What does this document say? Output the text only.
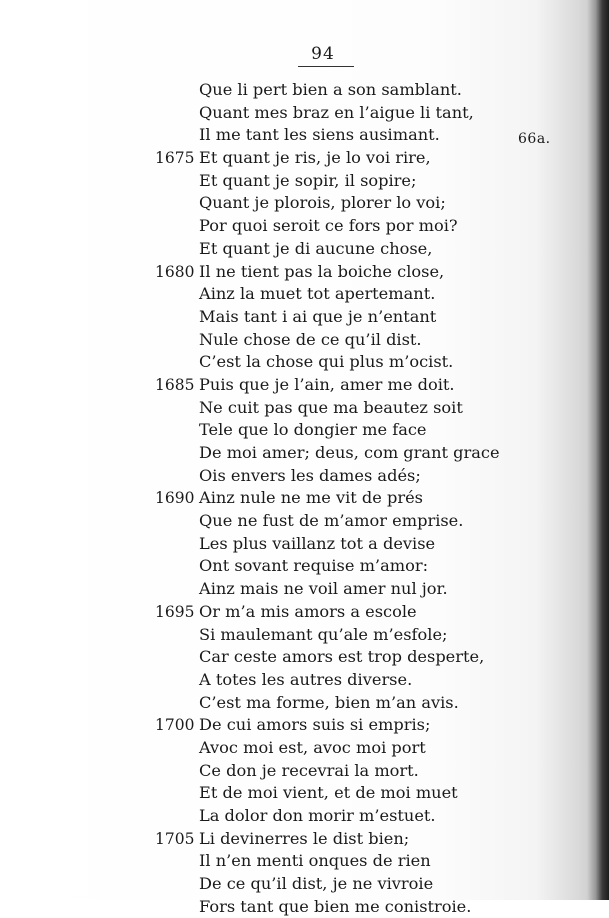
94
66a.
Que li pert bien a son samblant.
Quant mes braz en l’aigue li tant,
Il me tant les siens ausimant.
1675 Et quant je ris, je lo voi rire,
Et quant je sopir, il sopire;
Quant je plorois, plorer lo voi;
Por quoi seroit ce fors por moi?
Et quant je di aucune chose,
1680 Il ne tient pas la boiche close,
Ainz la muet tot apertemant.
Mais tant i ai que je n’entant
Nule chose de ce qu’il dist.
C’est la chose qui plus m’ocist.
1685 Puis que je l’ain, amer me doit.
Ne cuit pas que ma beautez soit
Tele que lo dongier me face
De moi amer; deus, com grant grace
Ois envers les dames adés;
1690 Ainz nule ne me vit de prés
Que ne fust de m’amor emprise.
Les plus vaillanz tot a devise
Ont sovant requise m’amor:
Ainz mais ne voil amer nul jor.
1695 Or m’a mis amors a escole
Si maulemant qu’ale m’esfole;
Car ceste amors est trop desperte,
A totes les autres diverse.
C’est ma forme, bien m’an avis.
1700 De cui amors suis si empris;
Avoc moi est, avoc moi port
Ce don je recevrai la mort.
Et de moi vient, et de moi muet
La dolor don morir m’estuet.
1705 Li devinerres le dist bien;
Il n’en menti onques de rien
De ce qu’il dist, je ne vivroie
Fors tant que bien me conistroie.
